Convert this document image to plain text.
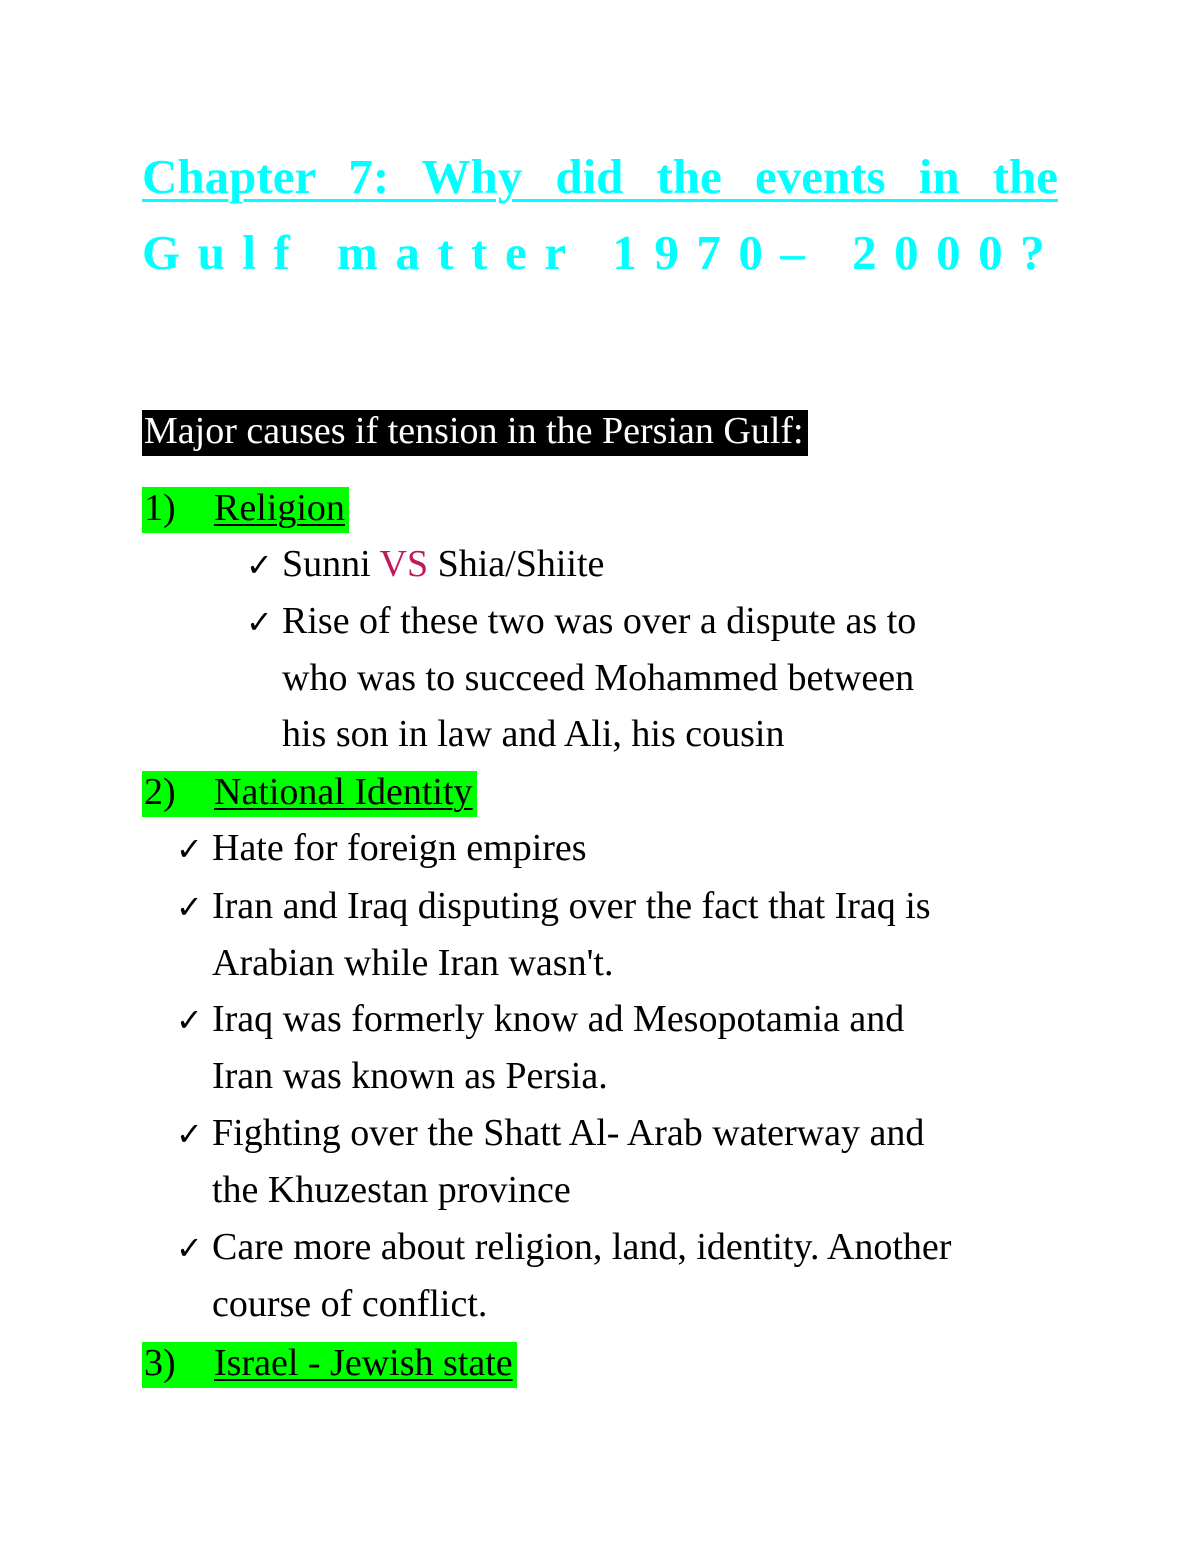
Chapter 7: Why did the events in the
Gulf matter 1970– 2000?
Major causes if tension in the Persian Gulf:
1) Religion
✓ Sunni VS Shia/Shiite
✓ Rise of these two was over a dispute as to
who was to succeed Mohammed between
his son in law and Ali, his cousin
2) National Identity
✓ Hate for foreign empires
✓ Iran and Iraq disputing over the fact that Iraq is
Arabian while Iran wasn't.
✓ Iraq was formerly know ad Mesopotamia and
Iran was known as Persia.
✓ Fighting over the Shatt Al- Arab waterway and
the Khuzestan province
✓ Care more about religion, land, identity. Another
course of conflict.
3) Israel - Jewish state
